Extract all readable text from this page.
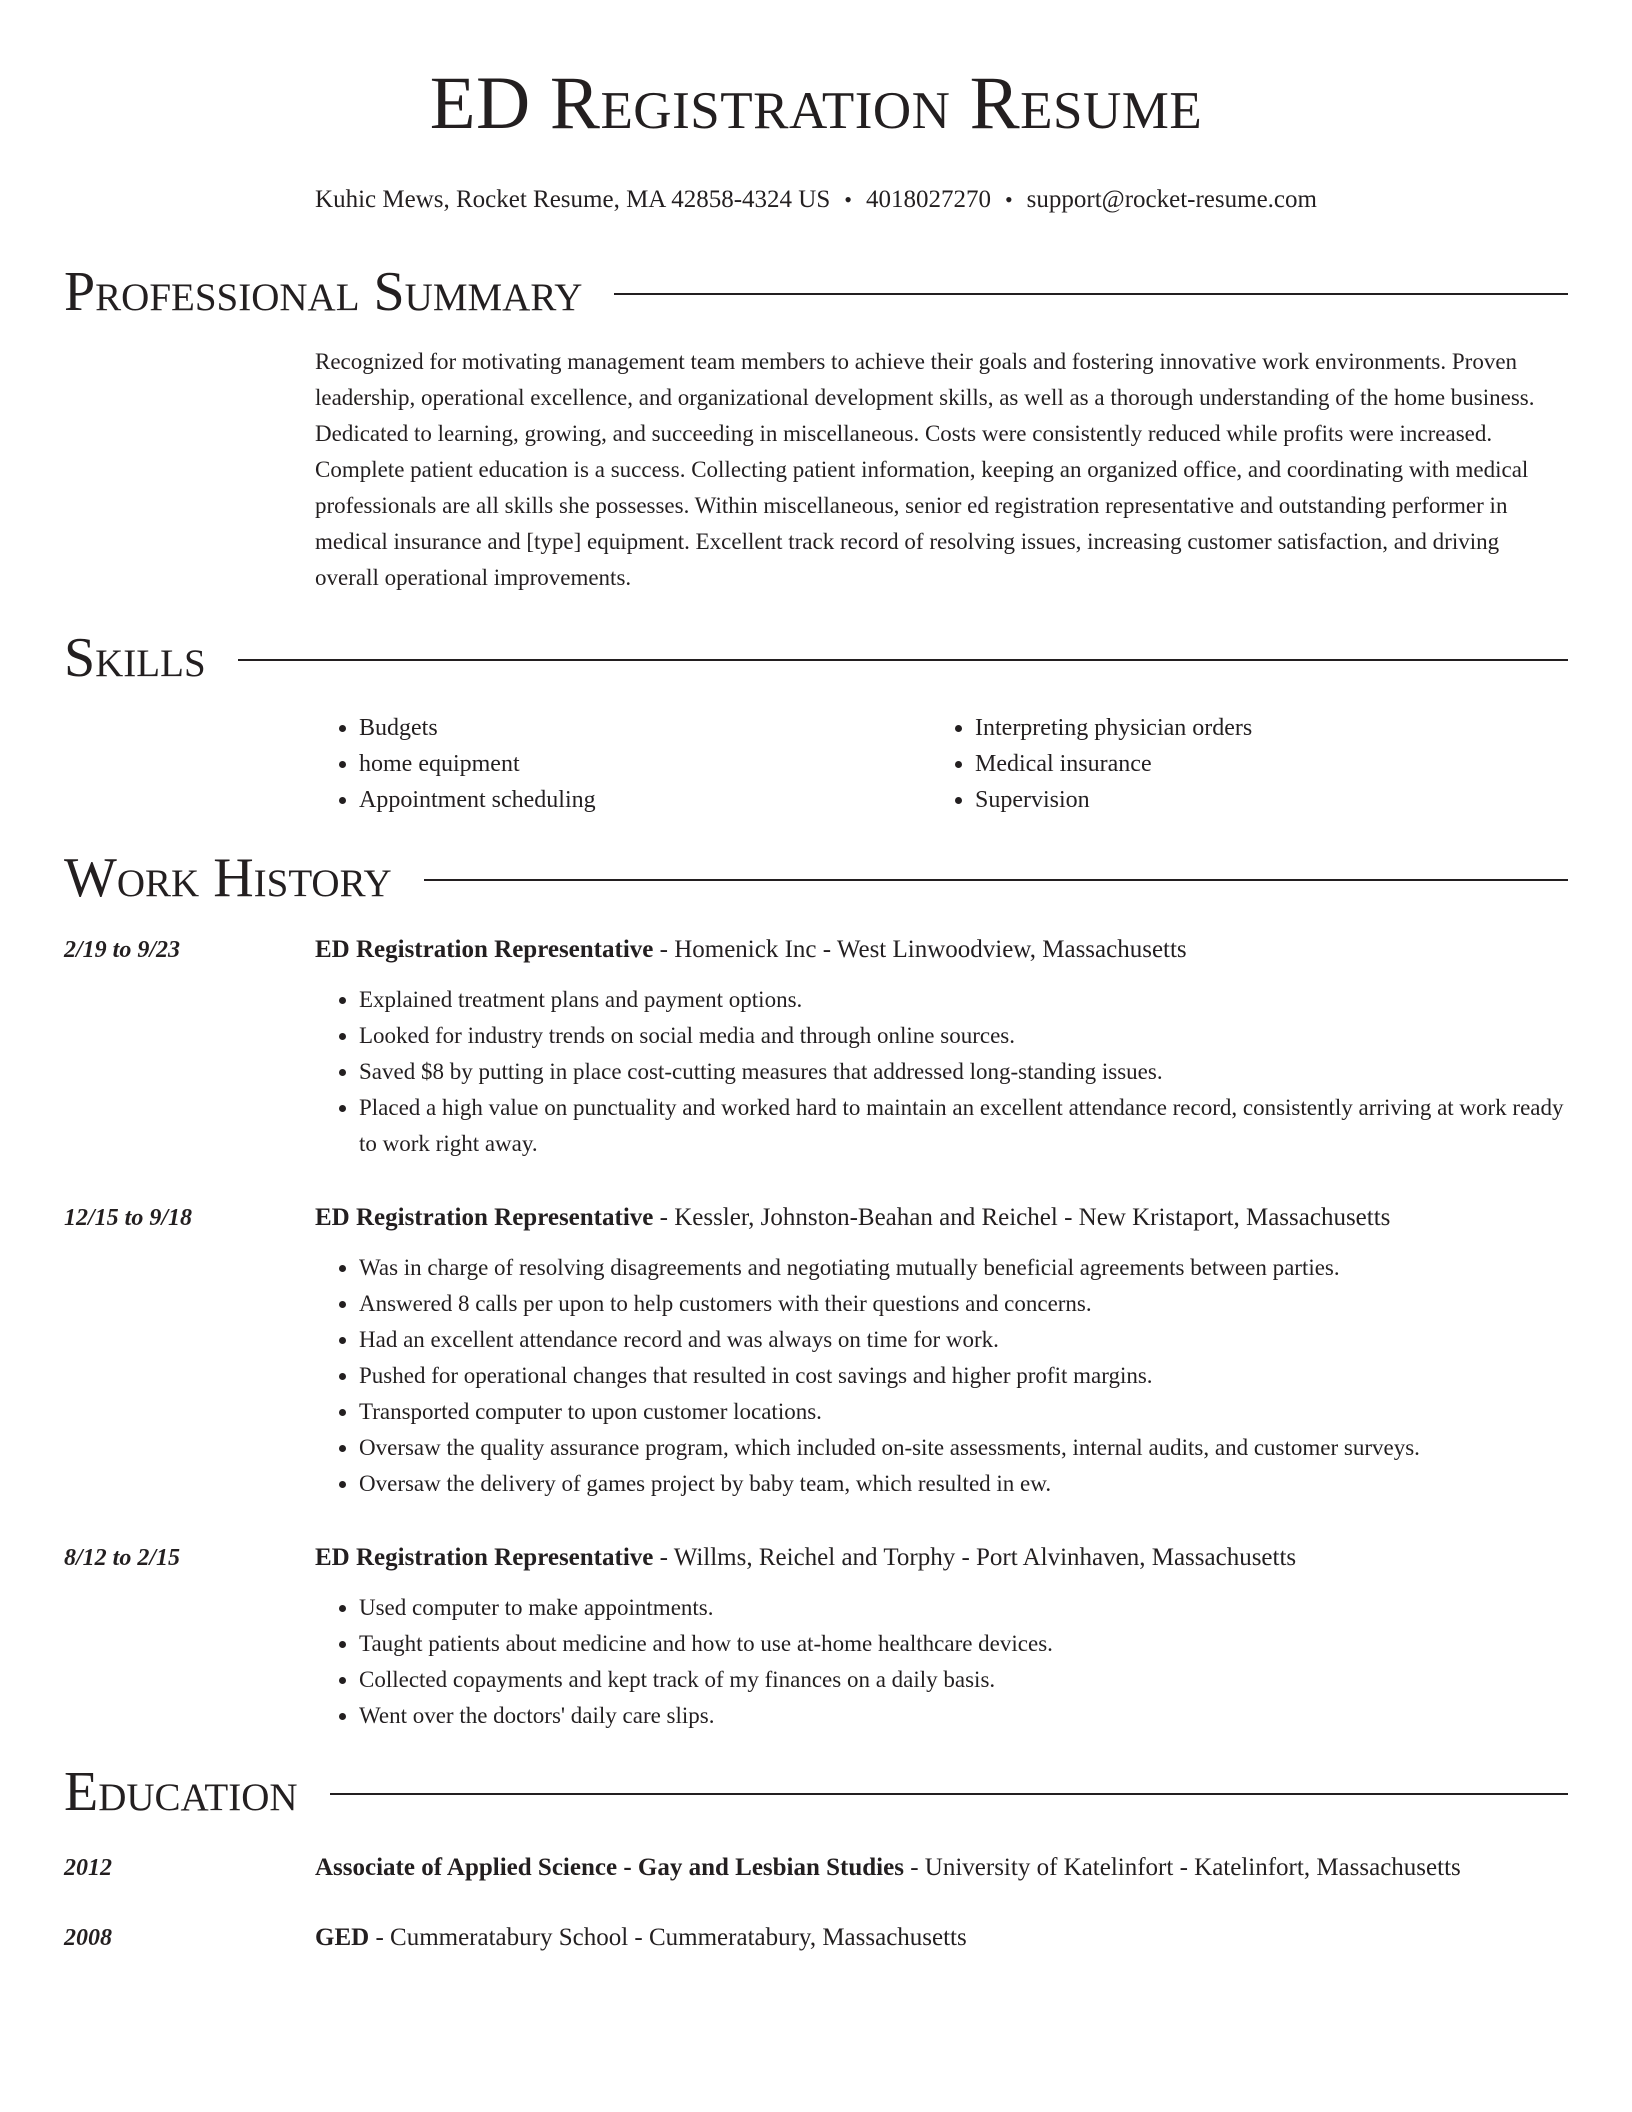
ED Registration Resume
Kuhic Mews, Rocket Resume, MA 42858-4324 US • 4018027270 • support@rocket-resume.com
Professional Summary

Recognized for motivating management team members to achieve their goals and fostering innovative work environments. Proven leadership, operational excellence, and organizational development skills, as well as a thorough understanding of the home business. Dedicated to learning, growing, and succeeding in miscellaneous. Costs were consistently reduced while profits were increased. Complete patient education is a success. Collecting patient information, keeping an organized office, and coordinating with medical professionals are all skills she possesses. Within miscellaneous, senior ed registration representative and outstanding performer in medical insurance and [type] equipment. Excellent track record of resolving issues, increasing customer satisfaction, and driving overall operational improvements.

Skills
• Budgets
• home equipment
• Appointment scheduling
• Interpreting physician orders
• Medical insurance
• Supervision
Work History
2/19 to 9/23	ED Registration Representative - Homenick Inc - West Linwoodview, Massachusetts
• Explained treatment plans and payment options.
• Looked for industry trends on social media and through online sources.
• Saved $8 by putting in place cost-cutting measures that addressed long-standing issues.
• Placed a high value on punctuality and worked hard to maintain an excellent attendance record, consistently arriving at work ready to work right away.
12/15 to 9/18	ED Registration Representative - Kessler, Johnston-Beahan and Reichel - New Kristaport, Massachusetts
• Was in charge of resolving disagreements and negotiating mutually beneficial agreements between parties.
• Answered 8 calls per upon to help customers with their questions and concerns.
• Had an excellent attendance record and was always on time for work.
• Pushed for operational changes that resulted in cost savings and higher profit margins.
• Transported computer to upon customer locations.
• Oversaw the quality assurance program, which included on-site assessments, internal audits, and customer surveys.
• Oversaw the delivery of games project by baby team, which resulted in ew.
8/12 to 2/15	ED Registration Representative - Willms, Reichel and Torphy - Port Alvinhaven, Massachusetts
• Used computer to make appointments.
• Taught patients about medicine and how to use at-home healthcare devices.
• Collected copayments and kept track of my finances on a daily basis.
• Went over the doctors' daily care slips.
Education
2012	Associate of Applied Science - Gay and Lesbian Studies - University of Katelinfort - Katelinfort, Massachusetts
2008	GED - Cummeratabury School - Cummeratabury, Massachusetts
